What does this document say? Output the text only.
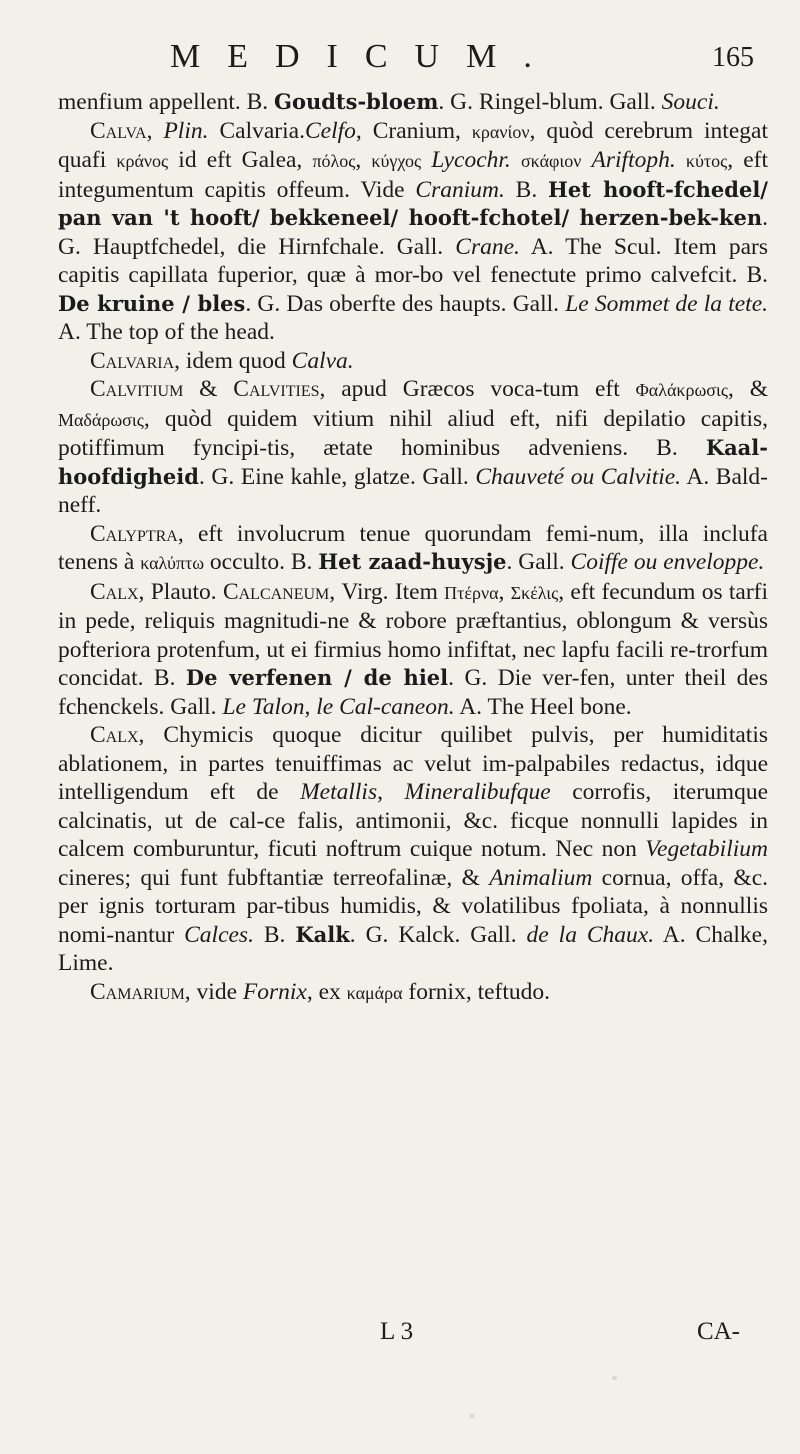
MEDICUM.	165

menfium appellent. B. Goudts-bloem. G. Ringel-blum. Gall. Souci.

Calva, Plin. Calvaria.Celfo, Cranium, κρανίον, quòd cerebrum integat quafi κράνος id eft Galea, πόλος, κύγχος Lycochr. σκάφιον Ariftoph. κύτος, eft integumentum capitis offeum. Vide Cranium. B. Het hooft-fchedel/ pan van 't hooft/ bekkeneel/ hooft-fchotel/ herzen-bek-ken. G. Hauptfchedel, die Hirnfchale. Gall. Crane. A. The Scul. Item pars capitis capillata fuperior, quæ à mor-bo vel fenectute primo calvefcit. B. De kruine / bles. G. Das oberfte des haupts. Gall. Le Sommet de la tete. A. The top of the head.

Calvaria, idem quod Calva.

Calvitium & Calvities, apud Græcos voca-tum eft Φαλάκρωσις, & Μαδάρωσις, quòd quidem vitium nihil aliud eft, nifi depilatio capitis, potiffimum fyncipi-tis, ætate hominibus adveniens. B. Kaal-hoofdigheid. G. Eine kahle, glatze. Gall. Chauveté ou Calvitie. A. Bald-neff.

Calyptra, eft involucrum tenue quorundam femi-num, illa inclufa tenens à καλύπτω occulto. B. Het zaad-huysje. Gall. Coiffe ou enveloppe.

Calx, Plauto. Calcaneum, Virg. Item Πτέρνα, Σκέλις, eft fecundum os tarfi in pede, reliquis magnitudi-ne & robore præftantius, oblongum & versùs pofteriora protenfum, ut ei firmius homo infiftat, nec lapfu facili re-trorfum concidat. B. De verfenen / de hiel. G. Die ver-fen, unter theil des fchenckels. Gall. Le Talon, le Cal-caneon. A. The Heel bone.

Calx, Chymicis quoque dicitur quilibet pulvis, per humiditatis ablationem, in partes tenuiffimas ac velut im-palpabiles redactus, idque intelligendum eft de Metallis, Mineralibufque corrofis, iterumque calcinatis, ut de cal-ce falis, antimonii, &c. ficque nonnulli lapides in calcem comburuntur, ficuti noftrum cuique notum. Nec non Vegetabilium cineres; qui funt fubftantiæ terreofalinæ, & Animalium cornua, offa, &c. per ignis torturam par-tibus humidis, & volatilibus fpoliata, à nonnullis nomi-nantur Calces. B. Kalk. G. Kalck. Gall. de la Chaux. A. Chalke, Lime.

Camarium, vide Fornix, ex καμάρα fornix, teftudo.

L 3	CA-
